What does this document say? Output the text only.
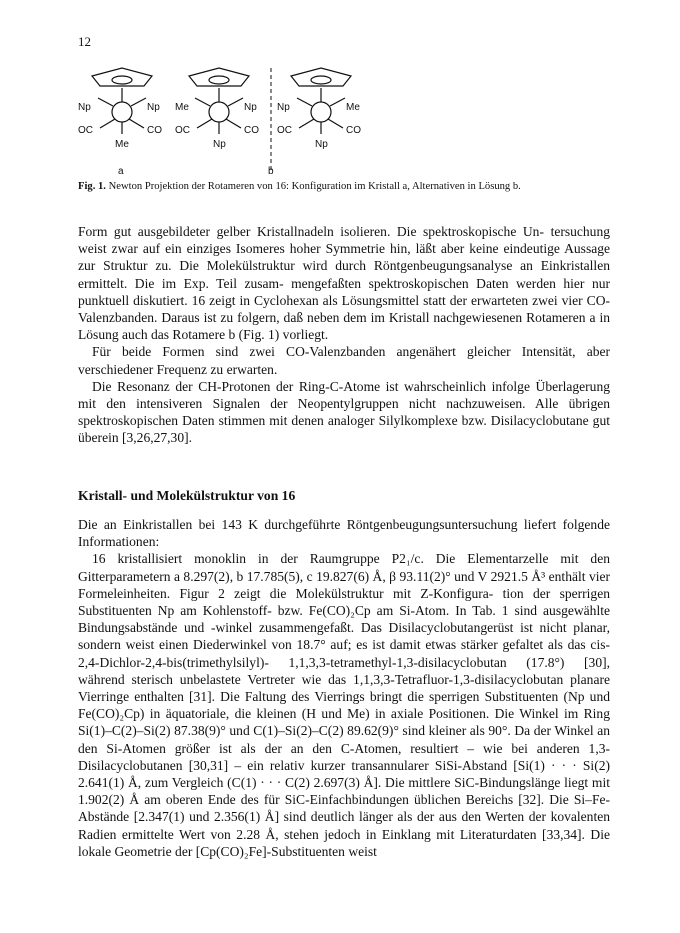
12
Np	Np
OC	CO
Me
Me	Np
OC	CO
Np
Np	Me
OC	CO
Np
a	b
Fig. 1. Newton Projektion der Rotameren von 16: Konfiguration im Kristall a, Alternativen in Lösung b.

Form gut ausgebildeter gelber Kristallnadeln isolieren. Die spektroskopische Un- tersuchung weist zwar auf ein einziges Isomeres hoher Symmetrie hin, läßt aber keine eindeutige Aussage zur Struktur zu. Die Molekülstruktur wird durch Röntgenbeugungsanalyse an Einkristallen ermittelt. Die im Exp. Teil zusam- mengefaßten spektroskopischen Daten werden hier nur punktuell diskutiert. 16 zeigt in Cyclohexan als Lösungsmittel statt der erwarteten zwei vier CO-Valenzbanden. Daraus ist zu folgern, daß neben dem im Kristall nachgewiesenen Rotameren a in Lösung auch das Rotamere b (Fig. 1) vorliegt.

Für beide Formen sind zwei CO-Valenzbanden angenähert gleicher Intensität, aber verschiedener Frequenz zu erwarten.

Die Resonanz der CH-Protonen der Ring-C-Atome ist wahrscheinlich infolge Überlagerung mit den intensiveren Signalen der Neopentylgruppen nicht nachzuweisen. Alle übrigen spektroskopischen Daten stimmen mit denen analoger Silylkomplexe bzw. Disilacyclobutane gut überein [3,26,27,30].

Kristall- und Molekülstruktur von 16

Die an Einkristallen bei 143 K durchgeführte Röntgenbeugungsuntersuchung liefert folgende Informationen:

16 kristallisiert monoklin in der Raumgruppe P2₁/c. Die Elementarzelle mit den Gitterparametern a 8.297(2), b 17.785(5), c 19.827(6) Å, β 93.11(2)° und V 2921.5 Å³ enthält vier Formeleinheiten. Figur 2 zeigt die Molekülstruktur mit Z-Konfigura- tion der sperrigen Substituenten Np am Kohlenstoff- bzw. Fe(CO)₂Cp am Si-Atom. In Tab. 1 sind ausgewählte Bindungsabstände und -winkel zusammengefaßt. Das Disilacyclobutangerüst ist nicht planar, sondern weist einen Diederwinkel von 18.7° auf; es ist damit etwas stärker gefaltet als das cis-2,4-Dichlor-2,4-bis(trimethylsilyl)- 1,1,3,3-tetramethyl-1,3-disilacyclobutan (17.8°) [30], während sterisch unbelastete Vertreter wie das 1,1,3,3-Tetrafluor-1,3-disilacyclobutan planare Vierringe enthalten [31]. Die Faltung des Vierrings bringt die sperrigen Substituenten (Np und Fe(CO)₂Cp) in äquatoriale, die kleinen (H und Me) in axiale Positionen. Die Winkel im Ring Si(1)–C(2)–Si(2) 87.38(9)° und C(1)–Si(2)–C(2) 89.62(9)° sind kleiner als 90°. Da der Winkel an den Si-Atomen größer ist als der an den C-Atomen, resultiert – wie bei anderen 1,3-Disilacyclobutanen [30,31] – ein relativ kurzer transannularer SiSi-Abstand [Si(1) · · · Si(2) 2.641(1) Å, zum Vergleich (C(1) · · · C(2) 2.697(3) Å]. Die mittlere SiC-Bindungslänge liegt mit 1.902(2) Å am oberen Ende des für SiC-Einfachbindungen üblichen Bereichs [32]. Die Si–Fe- Abstände [2.347(1) und 2.356(1) Å] sind deutlich länger als der aus den Werten der kovalenten Radien ermittelte Wert von 2.28 Å, stehen jedoch in Einklang mit Literaturdaten [33,34]. Die lokale Geometrie der [Cp(CO)₂Fe]-Substituenten weist
